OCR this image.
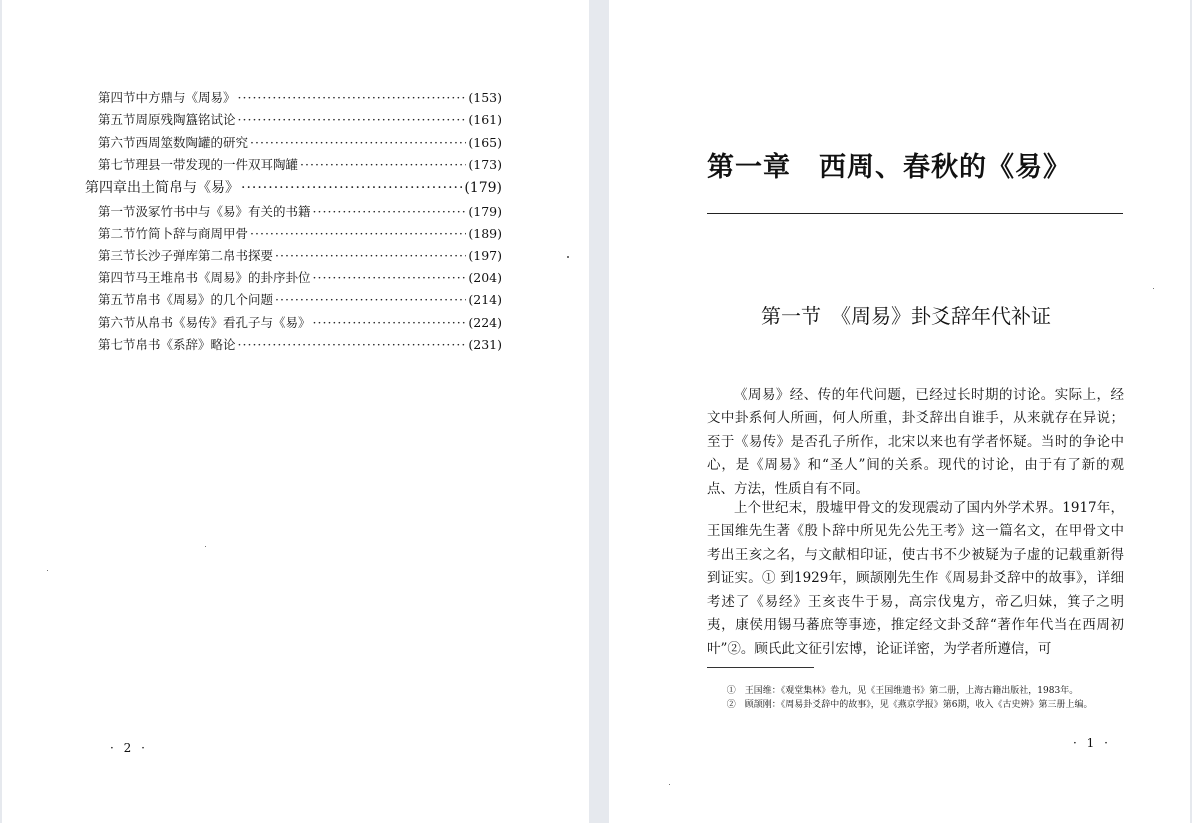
第四节 中方鼎与《周易》 ·····	(153)
第五节 周原残陶簋铭试论 ·····	(161)
第六节 西周筮数陶罐的研究 ·····	(165)
第七节 理县一带发现的一件双耳陶罐 ·····	(173)
第四章 出土简帛与《易》 ·····	(179)
第一节 汲冢竹书中与《易》有关的书籍 ·····	(179)
第二节 竹简卜辞与商周甲骨 ·····	(189)
第三节 长沙子弹库第二帛书探要 ·····	(197)
第四节 马王堆帛书《周易》的卦序卦位 ·····	(204)
第五节 帛书《周易》的几个问题 ·····	(214)
第六节 从帛书《易传》看孔子与《易》 ·····	(224)
第七节 帛书《系辞》略论 ·····	(231)
· 2 ·
第一章　西周、春秋的《易》
第一节　《周易》卦爻辞年代补证

《周易》经、传的年代问题，已经过长时期的讨论。实际上，经文中卦系何人所画，何人所重，卦爻辞出自谁手，从来就存在异说；至于《易传》是否孔子所作，北宋以来也有学者怀疑。当时的争论中心，是《周易》和“圣人”间的关系。现代的讨论，由于有了新的观点、方法，性质自有不同。

上个世纪末，殷墟甲骨文的发现震动了国内外学术界。1917年，王国维先生著《殷卜辞中所见先公先王考》这一篇名文，在甲骨文中考出王亥之名，与文献相印证，使古书不少被疑为子虚的记载重新得到证实。① 到1929年，顾颉刚先生作《周易卦爻辞中的故事》，详细考述了《易经》王亥丧牛于易，高宗伐鬼方，帝乙归妹，箕子之明夷，康侯用锡马蕃庶等事迹，推定经文卦爻辞“著作年代当在西周初叶”②。顾氏此文征引宏博，论证详密，为学者所遵信，可

①　王国维：《观堂集林》卷九，见《王国维遗书》第二册，上海古籍出版社，1983年。
②　顾颉刚：《周易卦爻辞中的故事》，见《燕京学报》第6期，收入《古史辨》第三册上编。
· 1 ·
